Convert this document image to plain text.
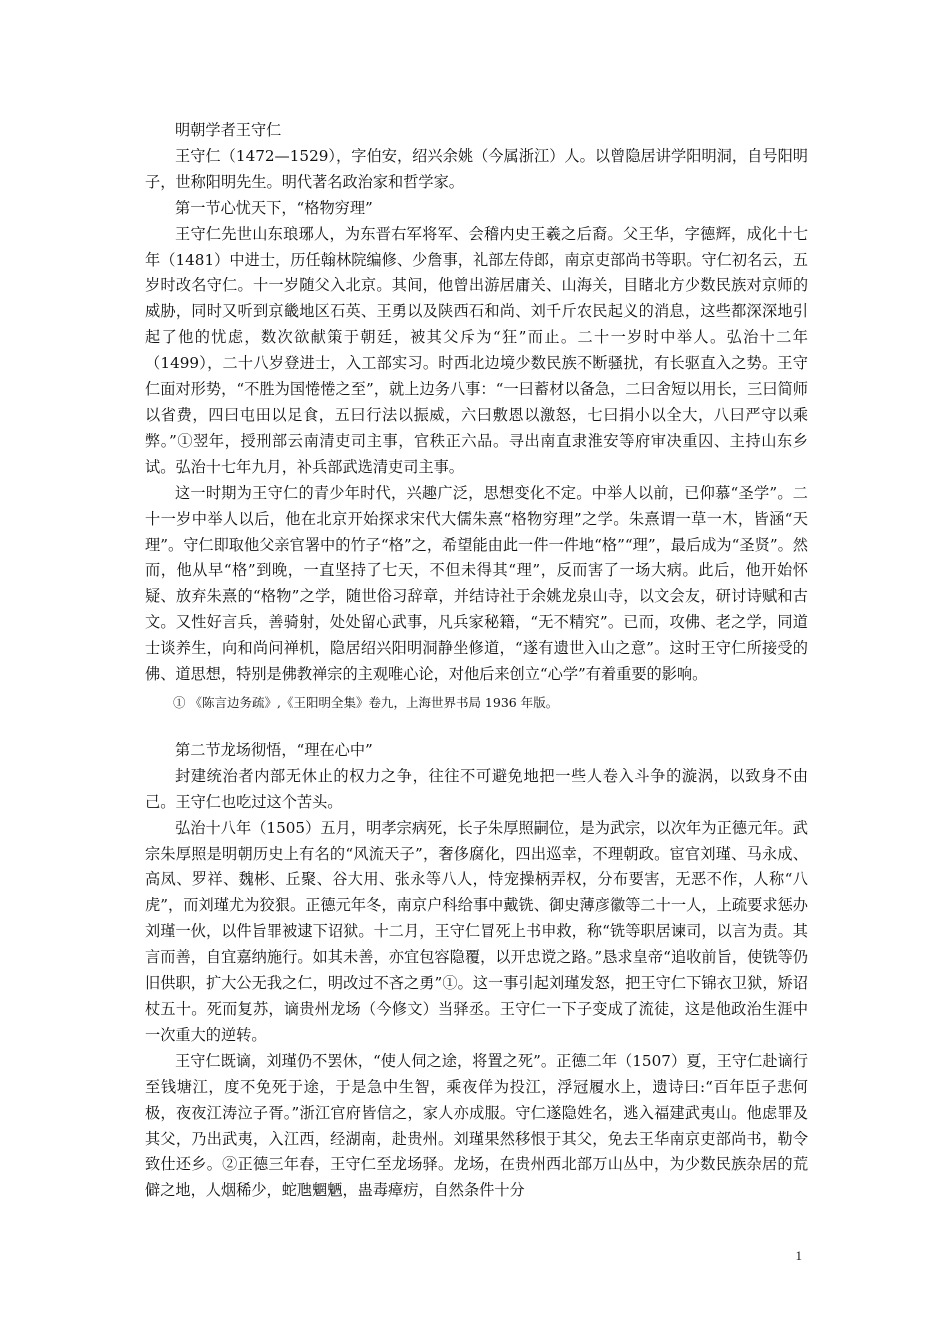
明朝学者王守仁

王守仁（1472—1529），字伯安，绍兴余姚（今属浙江）人。以曾隐居讲学阳明洞，自号阳明子，世称阳明先生。明代著名政治家和哲学家。

第一节心忧天下，“格物穷理”

王守仁先世山东琅琊人，为东晋右军将军、会稽内史王羲之后裔。父王华，字德辉，成化十七年（1481）中进士，历任翰林院编修、少詹事，礼部左侍郎，南京吏部尚书等职。守仁初名云，五岁时改名守仁。十一岁随父入北京。其间，他曾出游居庸关、山海关，目睹北方少数民族对京师的威胁，同时又听到京畿地区石英、王勇以及陕西石和尚、刘千斤农民起义的消息，这些都深深地引起了他的忧虑，数次欲献策于朝廷，被其父斥为“狂”而止。二十一岁时中举人。弘治十二年（1499），二十八岁登进士，入工部实习。时西北边境少数民族不断骚扰，有长驱直入之势。王守仁面对形势，“不胜为国惓惓之至”，就上边务八事：“一曰蓄材以备急，二曰舍短以用长，三曰简师以省费，四曰屯田以足食，五曰行法以振威，六曰敷恩以激怒，七曰捐小以全大，八曰严守以乘弊。”①翌年，授刑部云南清吏司主事，官秩正六品。寻出南直隶淮安等府审决重囚、主持山东乡试。弘治十七年九月，补兵部武选清吏司主事。

这一时期为王守仁的青少年时代，兴趣广泛，思想变化不定。中举人以前，已仰慕“圣学”。二十一岁中举人以后，他在北京开始探求宋代大儒朱熹“格物穷理”之学。朱熹谓一草一木，皆涵“天理”。守仁即取他父亲官署中的竹子“格”之，希望能由此一件一件地“格”“理”，最后成为“圣贤”。然而，他从早“格”到晚，一直坚持了七天，不但未得其“理”，反而害了一场大病。此后，他开始怀疑、放弃朱熹的“格物”之学，随世俗习辞章，并结诗社于余姚龙泉山寺，以文会友，研讨诗赋和古文。又性好言兵，善骑射，处处留心武事，凡兵家秘籍，“无不精究”。已而，攻佛、老之学，同道士谈养生，向和尚问禅机，隐居绍兴阳明洞静坐修道，“遂有遗世入山之意”。这时王守仁所接受的佛、道思想，特别是佛教禅宗的主观唯心论，对他后来创立“心学”有着重要的影响。

① 《陈言边务疏》,《王阳明全集》卷九，上海世界书局 1936 年版。

第二节龙场彻悟，“理在心中”

封建统治者内部无休止的权力之争，往往不可避免地把一些人卷入斗争的漩涡，以致身不由己。王守仁也吃过这个苦头。

弘治十八年（1505）五月，明孝宗病死，长子朱厚照嗣位，是为武宗，以次年为正德元年。武宗朱厚照是明朝历史上有名的“风流天子”，奢侈腐化，四出巡幸，不理朝政。宦官刘瑾、马永成、高凤、罗祥、魏彬、丘聚、谷大用、张永等八人，恃宠操柄弄权，分布要害，无恶不作，人称“八虎”，而刘瑾尤为狡狠。正德元年冬，南京户科给事中戴铣、御史薄彦徽等二十一人，上疏要求惩办刘瑾一伙，以件旨罪被逮下诏狱。十二月，王守仁冒死上书申救，称“铣等职居谏司，以言为责。其言而善，自宜嘉纳施行。如其未善，亦宜包容隐覆，以开忠谠之路。”恳求皇帝“追收前旨，使铣等仍旧供职，扩大公无我之仁，明改过不吝之勇”①。这一事引起刘瑾发怒，把王守仁下锦衣卫狱，矫诏杖五十。死而复苏，谪贵州龙场（今修文）当驿丞。王守仁一下子变成了流徒，这是他政治生涯中一次重大的逆转。

王守仁既谪，刘瑾仍不罢休，“使人伺之途，将置之死”。正德二年（1507）夏，王守仁赴谪行至钱塘江，度不免死于途，于是急中生智，乘夜佯为投江，浮冠履水上，遗诗曰:“百年臣子悲何极，夜夜江涛泣子胥。”浙江官府皆信之，家人亦成服。守仁遂隐姓名，逃入福建武夷山。他虑罪及其父，乃出武夷，入江西，经湖南，赴贵州。刘瑾果然移恨于其父，免去王华南京吏部尚书，勒令致仕还乡。②正德三年春，王守仁至龙场驿。龙场，在贵州西北部万山丛中，为少数民族杂居的荒僻之地，人烟稀少，蛇虺魍魉，蛊毒瘴疠，自然条件十分

1
